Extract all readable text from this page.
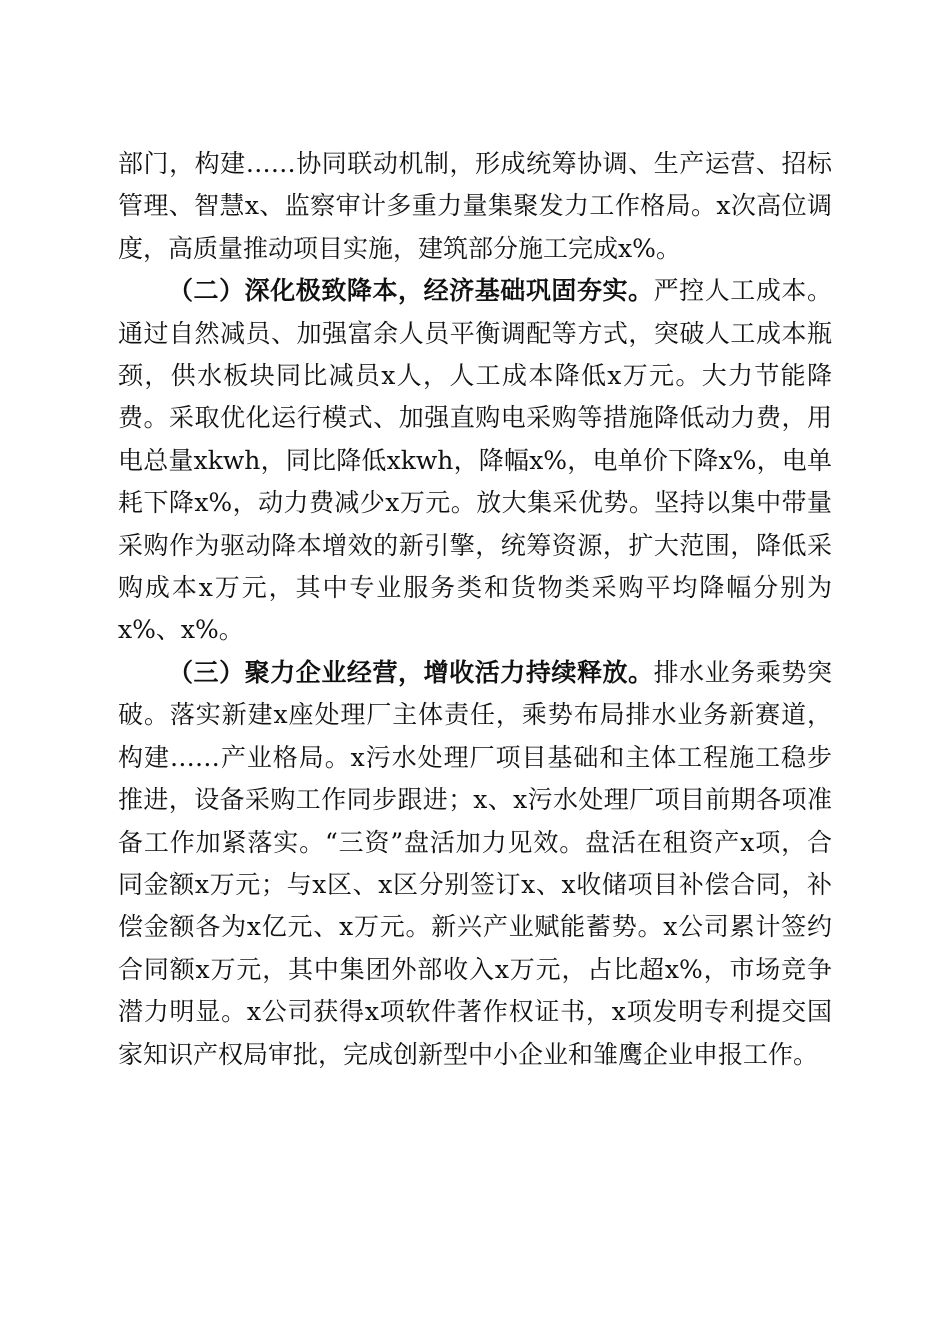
部门，构建……协同联动机制，形成统筹协调、生产运营、招标管理、智慧x、监察审计多重力量集聚发力工作格局。x次高位调度，高质量推动项目实施，建筑部分施工完成x%。

（二）深化极致降本，经济基础巩固夯实。严控人工成本。通过自然减员、加强富余人员平衡调配等方式，突破人工成本瓶颈，供水板块同比减员x人，人工成本降低x万元。大力节能降费。采取优化运行模式、加强直购电采购等措施降低动力费，用电总量xkwh，同比降低xkwh，降幅x%，电单价下降x%，电单耗下降x%，动力费减少x万元。放大集采优势。坚持以集中带量采购作为驱动降本增效的新引擎，统筹资源，扩大范围，降低采购成本x万元，其中专业服务类和货物类采购平均降幅分别为x%、x%。

（三）聚力企业经营，增收活力持续释放。排水业务乘势突破。落实新建x座处理厂主体责任，乘势布局排水业务新赛道，构建……产业格局。x污水处理厂项目基础和主体工程施工稳步推进，设备采购工作同步跟进；x、x污水处理厂项目前期各项准备工作加紧落实。“三资”盘活加力见效。盘活在租资产x项，合同金额x万元；与x区、x区分别签订x、x收储项目补偿合同，补偿金额各为x亿元、x万元。新兴产业赋能蓄势。x公司累计签约合同额x万元，其中集团外部收入x万元，占比超x%，市场竞争潜力明显。x公司获得x项软件著作权证书，x项发明专利提交国家知识产权局审批，完成创新型中小企业和雏鹰企业申报工作。
